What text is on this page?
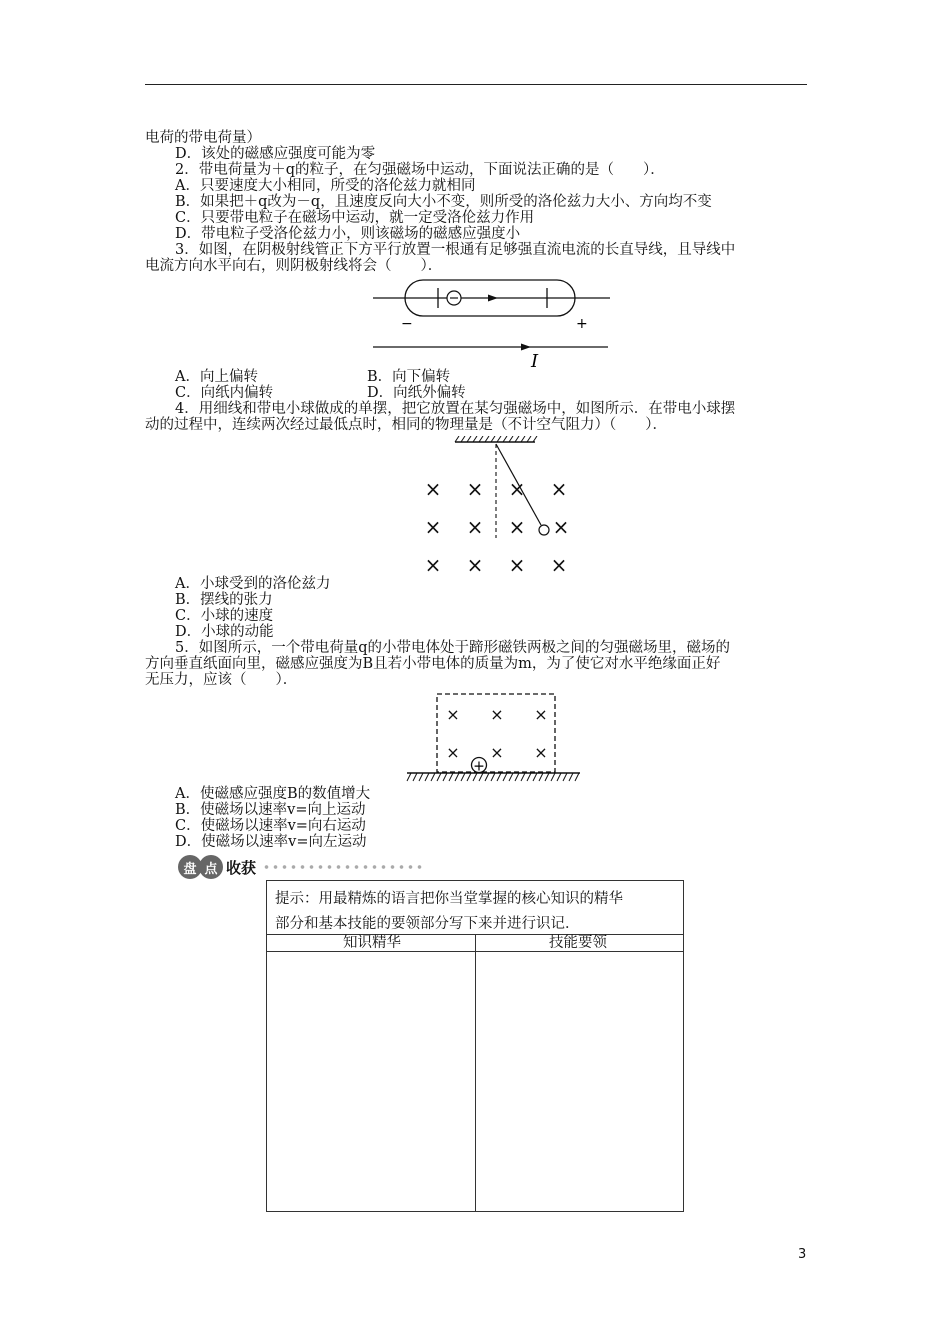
电荷的带电荷量）
D．该处的磁感应强度可能为零
2．带电荷量为＋q的粒子，在匀强磁场中运动，下面说法正确的是（　　）．
A．只要速度大小相同，所受的洛伦兹力就相同
B．如果把＋q改为－q，且速度反向大小不变，则所受的洛伦兹力大小、方向均不变
C．只要带电粒子在磁场中运动，就一定受洛伦兹力作用
D．带电粒子受洛伦兹力小，则该磁场的磁感应强度小
3．如图，在阴极射线管正下方平行放置一根通有足够强直流电流的长直导线，且导线中
电流方向水平向右，则阴极射线将会（　　）．
−	+
I
A．向上偏转	B．向下偏转
C．向纸内偏转	D．向纸外偏转
4．用细线和带电小球做成的单摆，把它放置在某匀强磁场中，如图所示．在带电小球摆
动的过程中，连续两次经过最低点时，相同的物理量是（不计空气阻力）（　　）．
× × × ×
× × × ×
× × × ×
A．小球受到的洛伦兹力
B．摆线的张力
C．小球的速度
D．小球的动能
5．如图所示，一个带电荷量q的小带电体处于蹄形磁铁两极之间的匀强磁场里，磁场的
方向垂直纸面向里，磁感应强度为B且若小带电体的质量为m，为了使它对水平绝缘面正好
无压力，应该（　　）．
× × ×
× × ×
+
A．使磁感应强度B的数值增大
B．使磁场以速率v=向上运动
C．使磁场以速率v=向右运动
D．使磁场以速率v=向左运动
盘 点 收获
提示：用最精炼的语言把你当堂掌握的核心知识的精华
部分和基本技能的要领部分写下来并进行识记．
知识精华	技能要领
3
